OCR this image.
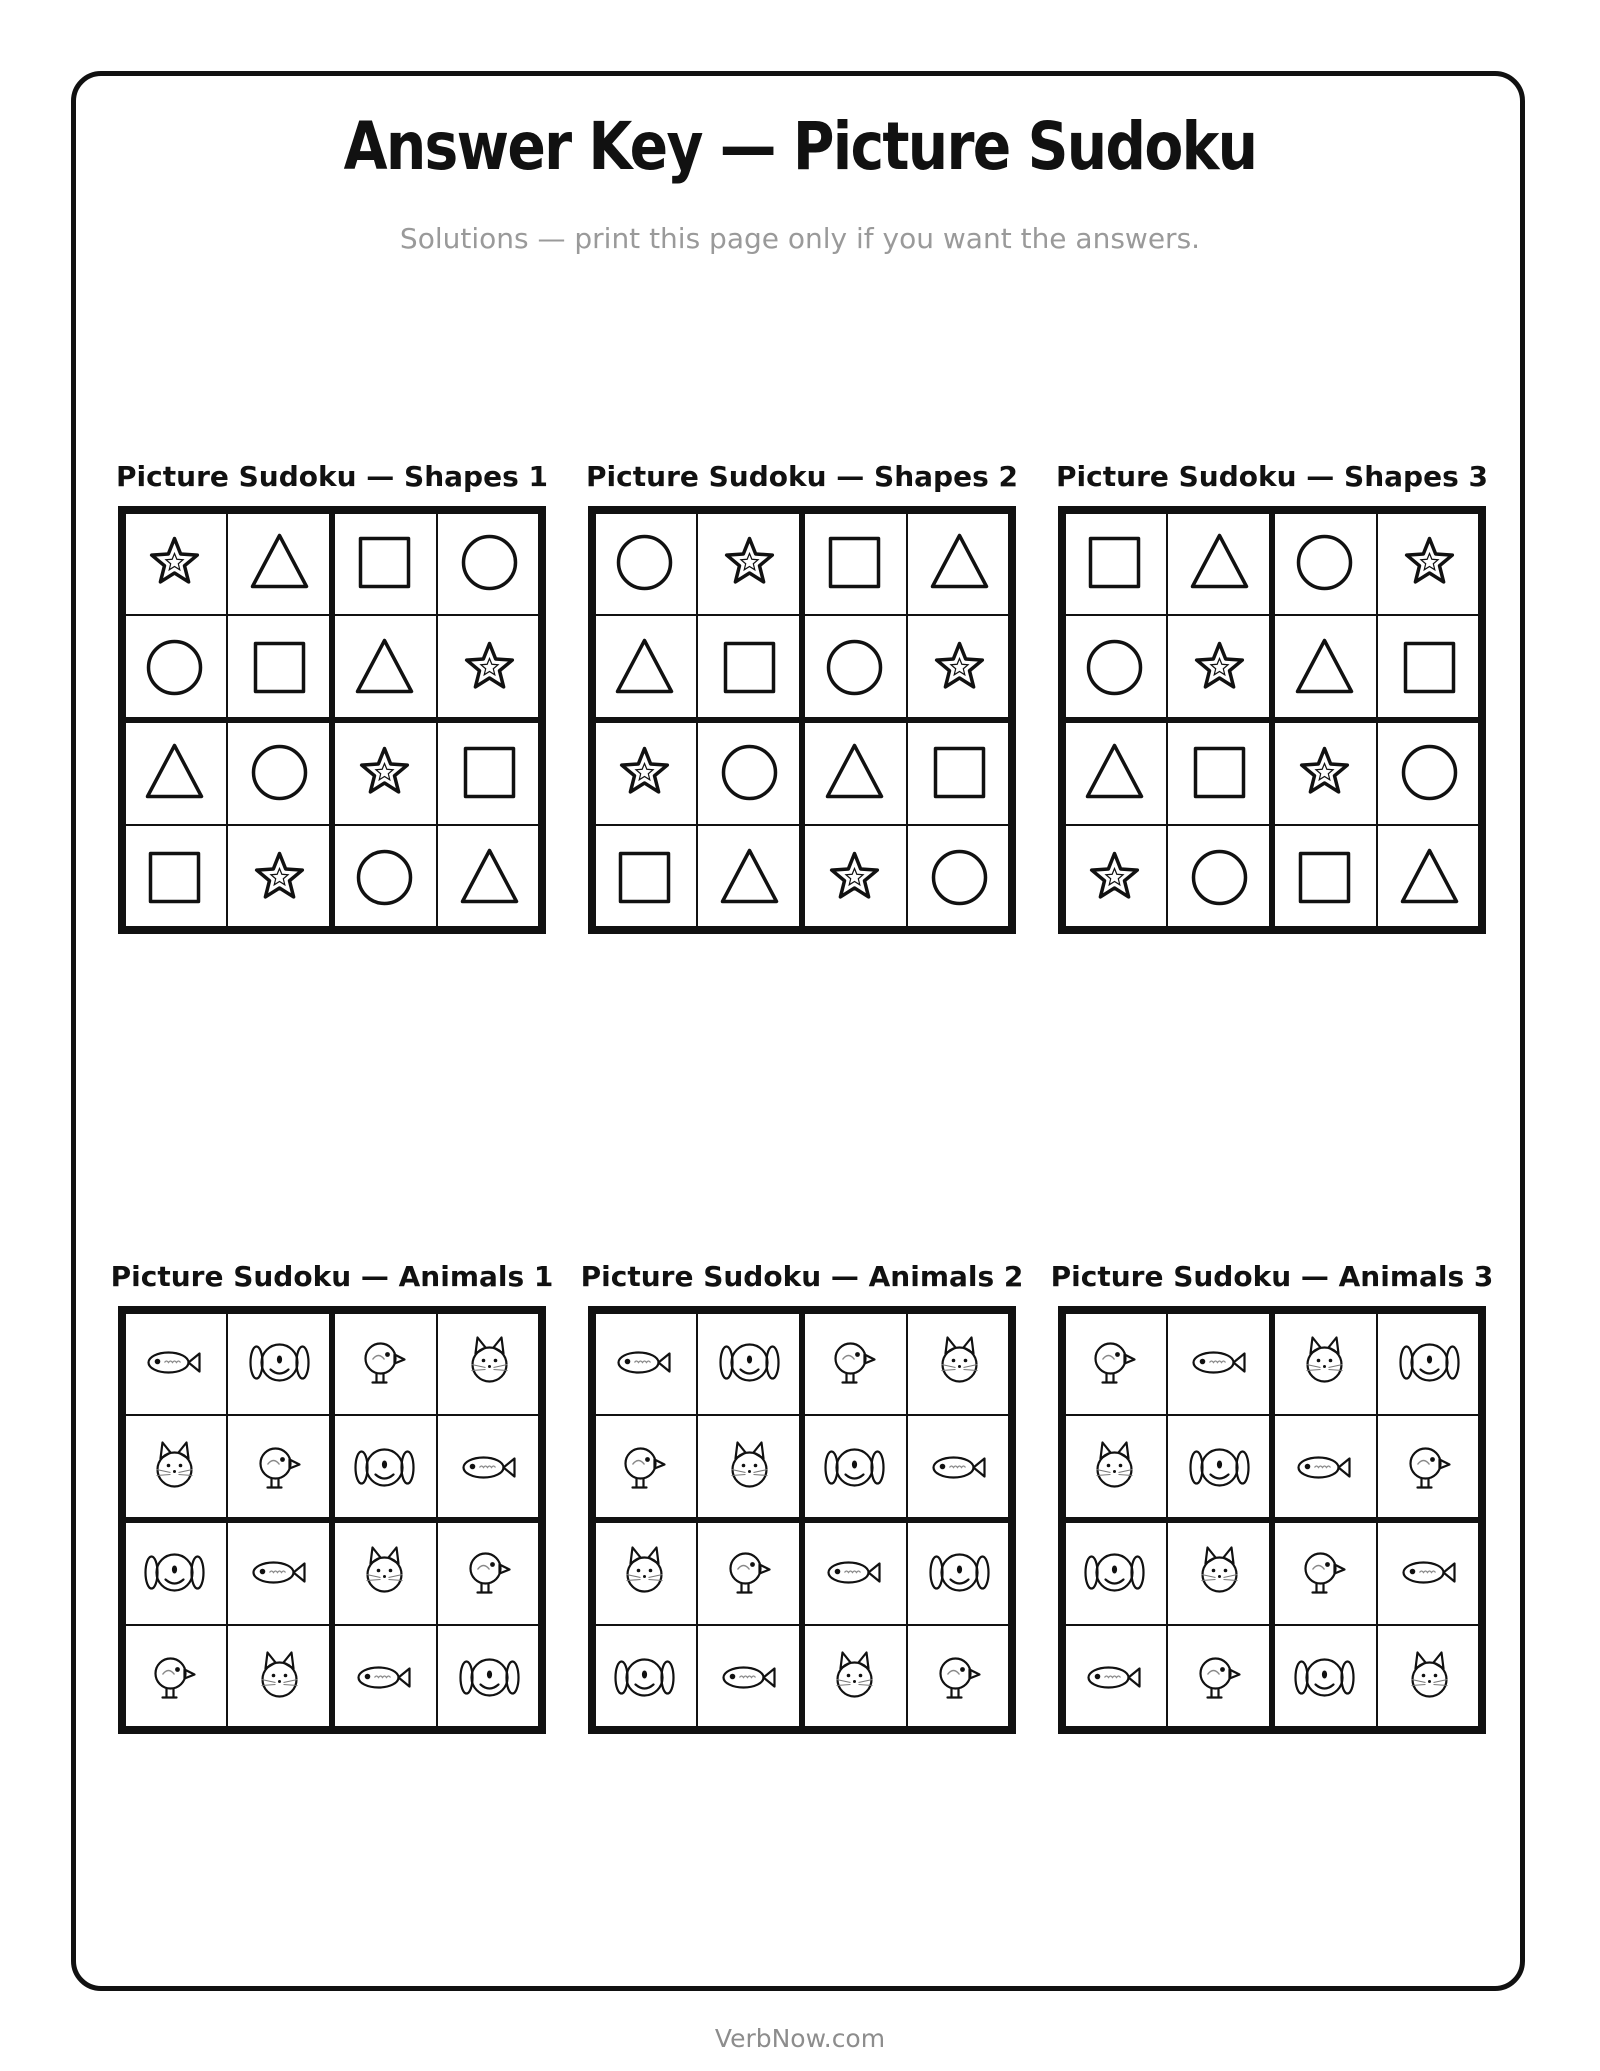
Answer Key — Picture Sudoku
Solutions — print this page only if you want the answers.
Picture Sudoku — Shapes 1	Picture Sudoku — Shapes 2	Picture Sudoku — Shapes 3
Picture Sudoku — Animals 1 Picture Sudoku — Animals 2 Picture Sudoku — Animals 3
VerbNow.com
